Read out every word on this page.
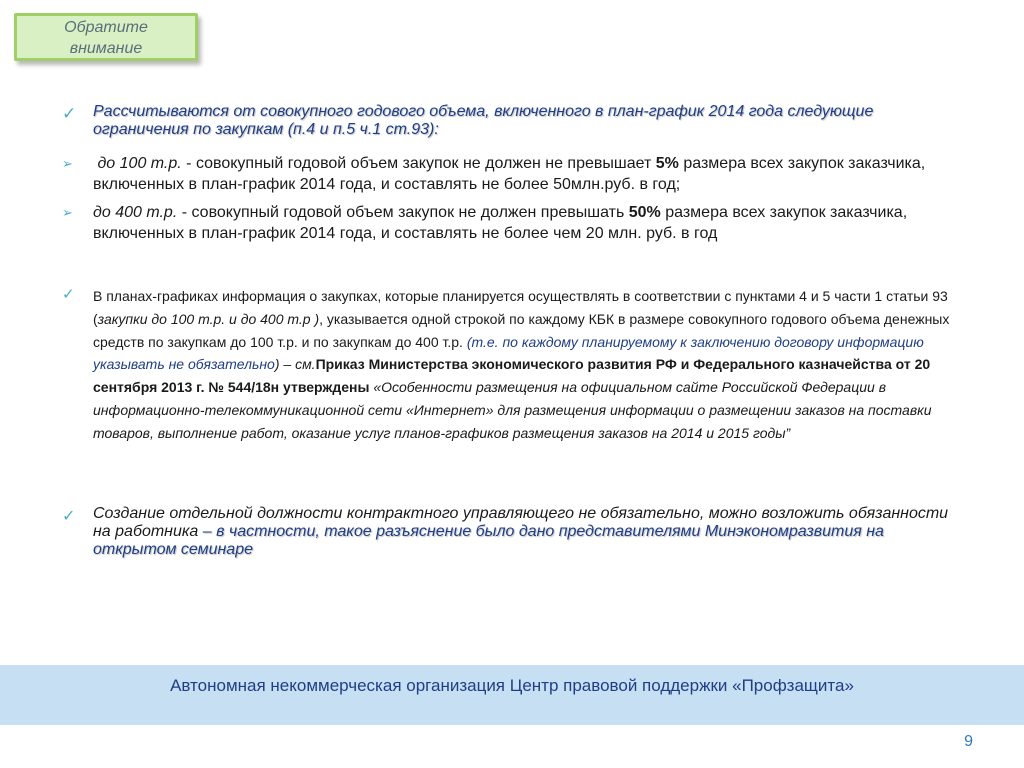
Обратите
внимание
✓	Рассчитываются от совокупного годового объема, включенного в план-график 2014 года следующие ограничения по закупкам (п.4 и п.5 ч.1 ст.93):
➢	до 100 т.р. - совокупный годовой объем закупок не должен не превышает 5% размера всех закупок заказчика, включенных в план-график 2014 года, и составлять не более 50млн.руб. в год;
➢	до 400 т.р. - совокупный годовой объем закупок не должен превышать 50% размера всех закупок заказчика, включенных в план-график 2014 года, и составлять не более чем 20 млн. руб. в год
✓	В планах-графиках информация о закупках, которые планируется осуществлять в соответствии с пунктами 4 и 5 части 1 статьи 93 (закупки до 100 т.р. и до 400 т.р ), указывается одной строкой по каждому КБК в размере совокупного годового объема денежных средств по закупкам до 100 т.р. и по закупкам до 400 т.р. (т.е. по каждому планируемому к заключению договору информацию указывать не обязательно) – см.Приказ Министерства экономического развития РФ и Федерального казначейства от 20 сентября 2013 г. № 544/18н утверждены «Особенности размещения на официальном сайте Российской Федерации в информационно-телекоммуникационной сети «Интернет» для размещения информации о размещении заказов на поставки товаров, выполнение работ, оказание услуг планов-графиков размещения заказов на 2014 и 2015 годы”
✓	Создание отдельной должности контрактного управляющего не обязательно, можно возложить обязанности на работника – в частности, такое разъяснение было дано представителями Минэкономразвития на открытом семинаре
Автономная некоммерческая организация Центр правовой поддержки «Профзащита»
9
